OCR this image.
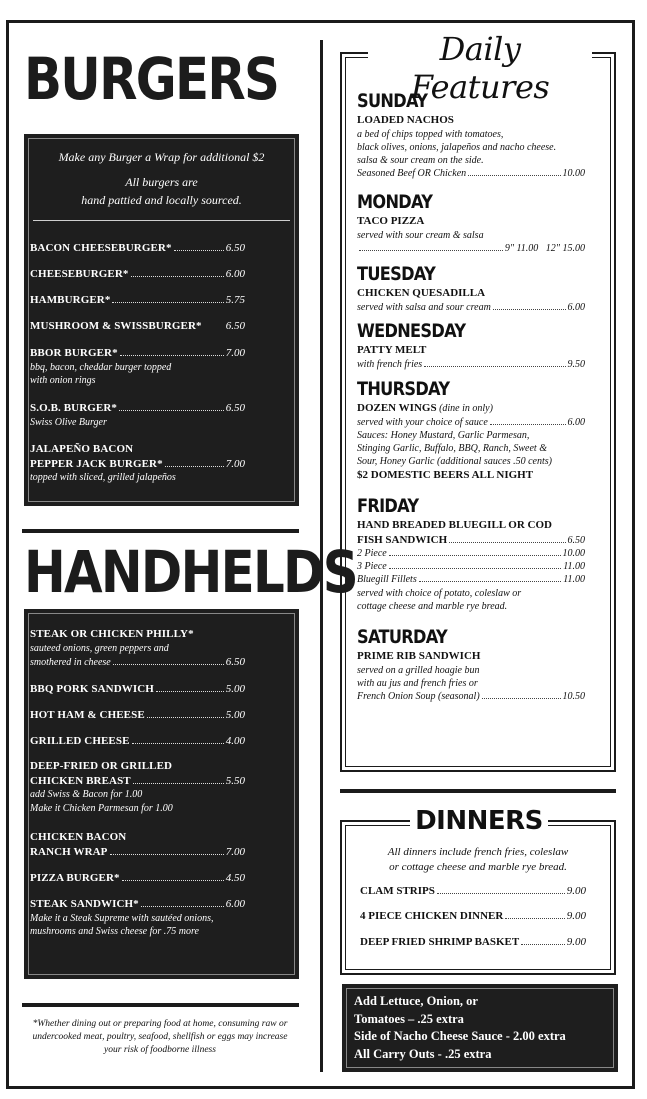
BURGERS

Make any Burger a Wrap for additional $2

All burgers are

hand pattied and locally sourced.

BACON CHEESEBURGER*	6.50
CHEESEBURGER*	6.00
HAMBURGER*	5.75
MUSHROOM & SWISSBURGER* 6.50
BBOR BURGER*	7.00
bbq, bacon, cheddar burger topped
with onion rings
S.O.B. BURGER*	6.50
Swiss Olive Burger
JALAPEÑO BACON
PEPPER JACK BURGER*	7.00
topped with sliced, grilled jalapeños
HANDHELDS
STEAK OR CHICKEN PHILLY*
sauteed onions, green peppers and
smothered in cheese	6.50
BBQ PORK SANDWICH	5.00
HOT HAM & CHEESE	5.00
GRILLED CHEESE	4.00
DEEP-FRIED OR GRILLED
CHICKEN BREAST	5.50
add Swiss & Bacon for 1.00
Make it Chicken Parmesan for 1.00
CHICKEN BACON
RANCH WRAP	7.00
PIZZA BURGER*	4.50
STEAK SANDWICH*	6.00
Make it a Steak Supreme with sautéed onions,
mushrooms and Swiss cheese for .75 more
*Whether dining out or preparing food at home, consuming raw or undercooked meat, poultry, seafood, shellfish or eggs may increase your risk of foodborne illness
Daily Features
SUNDAY
LOADED NACHOS
a bed of chips topped with tomatoes,
black olives, onions, jalapeños and nacho cheese.
salsa & sour cream on the side.
Seasoned Beef OR Chicken	10.00
MONDAY
TACO PIZZA
served with sour cream & salsa
9" 11.00   12" 15.00
TUESDAY
CHICKEN QUESADILLA
served with salsa and sour cream	6.00
WEDNESDAY
PATTY MELT
with french fries	9.50
THURSDAY
DOZEN WINGS (dine in only)
served with your choice of sauce	6.00
Sauces: Honey Mustard, Garlic Parmesan,
Stinging Garlic, Buffalo, BBQ, Ranch, Sweet &
Sour, Honey Garlic (additional sauces .50 cents)
$2 DOMESTIC BEERS ALL NIGHT
FRIDAY
HAND BREADED BLUEGILL OR COD
FISH SANDWICH	6.50
2 Piece	10.00
3 Piece	11.00
Bluegill Fillets	11.00
served with choice of potato, coleslaw or
cottage cheese and marble rye bread.
SATURDAY
PRIME RIB SANDWICH
served on a grilled hoagie bun
with au jus and french fries or
French Onion Soup (seasonal)	10.50
DINNERS
All dinners include french fries, coleslaw
or cottage cheese and marble rye bread.
CLAM STRIPS	9.00
4 PIECE CHICKEN DINNER	9.00
DEEP FRIED SHRIMP BASKET	9.00
Add Lettuce, Onion, or
Tomatoes – .25 extra
Side of Nacho Cheese Sauce - 2.00 extra
All Carry Outs - .25 extra
